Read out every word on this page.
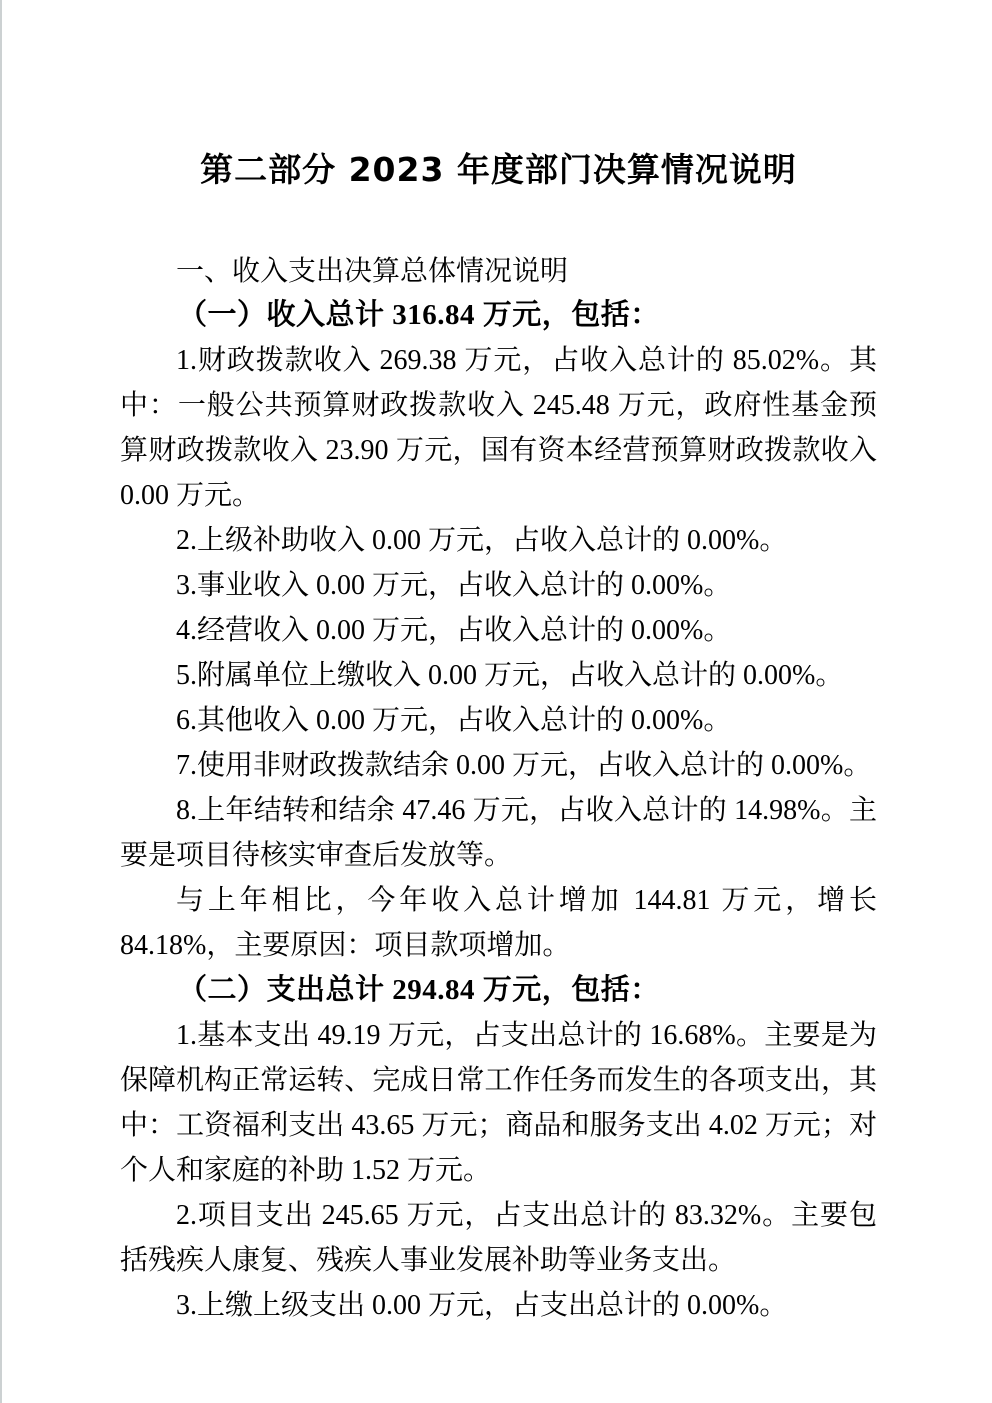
第二部分 2023 年度部门决算情况说明
一、收入支出决算总体情况说明
（一）收入总计 316.84 万元，包括：
1.财政拨款收入 269.38 万元，占收入总计的 85.02%。其中：一般公共预算财政拨款收入 245.48 万元，政府性基金预算财政拨款收入 23.90 万元，国有资本经营预算财政拨款收入 0.00 万元。
2.上级补助收入 0.00 万元，占收入总计的 0.00%。
3.事业收入 0.00 万元，占收入总计的 0.00%。
4.经营收入 0.00 万元，占收入总计的 0.00%。
5.附属单位上缴收入 0.00 万元，占收入总计的 0.00%。
6.其他收入 0.00 万元，占收入总计的 0.00%。
7.使用非财政拨款结余 0.00 万元，占收入总计的 0.00%。
8.上年结转和结余 47.46 万元，占收入总计的 14.98%。主要是项目待核实审查后发放等。
与上年相比，今年收入总计增加 144.81 万元，增长 84.18%，主要原因：项目款项增加。
（二）支出总计 294.84 万元，包括：
1.基本支出 49.19 万元，占支出总计的 16.68%。主要是为保障机构正常运转、完成日常工作任务而发生的各项支出，其中：工资福利支出 43.65 万元；商品和服务支出 4.02 万元；对个人和家庭的补助 1.52 万元。
2.项目支出 245.65 万元，占支出总计的 83.32%。主要包括残疾人康复、残疾人事业发展补助等业务支出。
3.上缴上级支出 0.00 万元，占支出总计的 0.00%。
